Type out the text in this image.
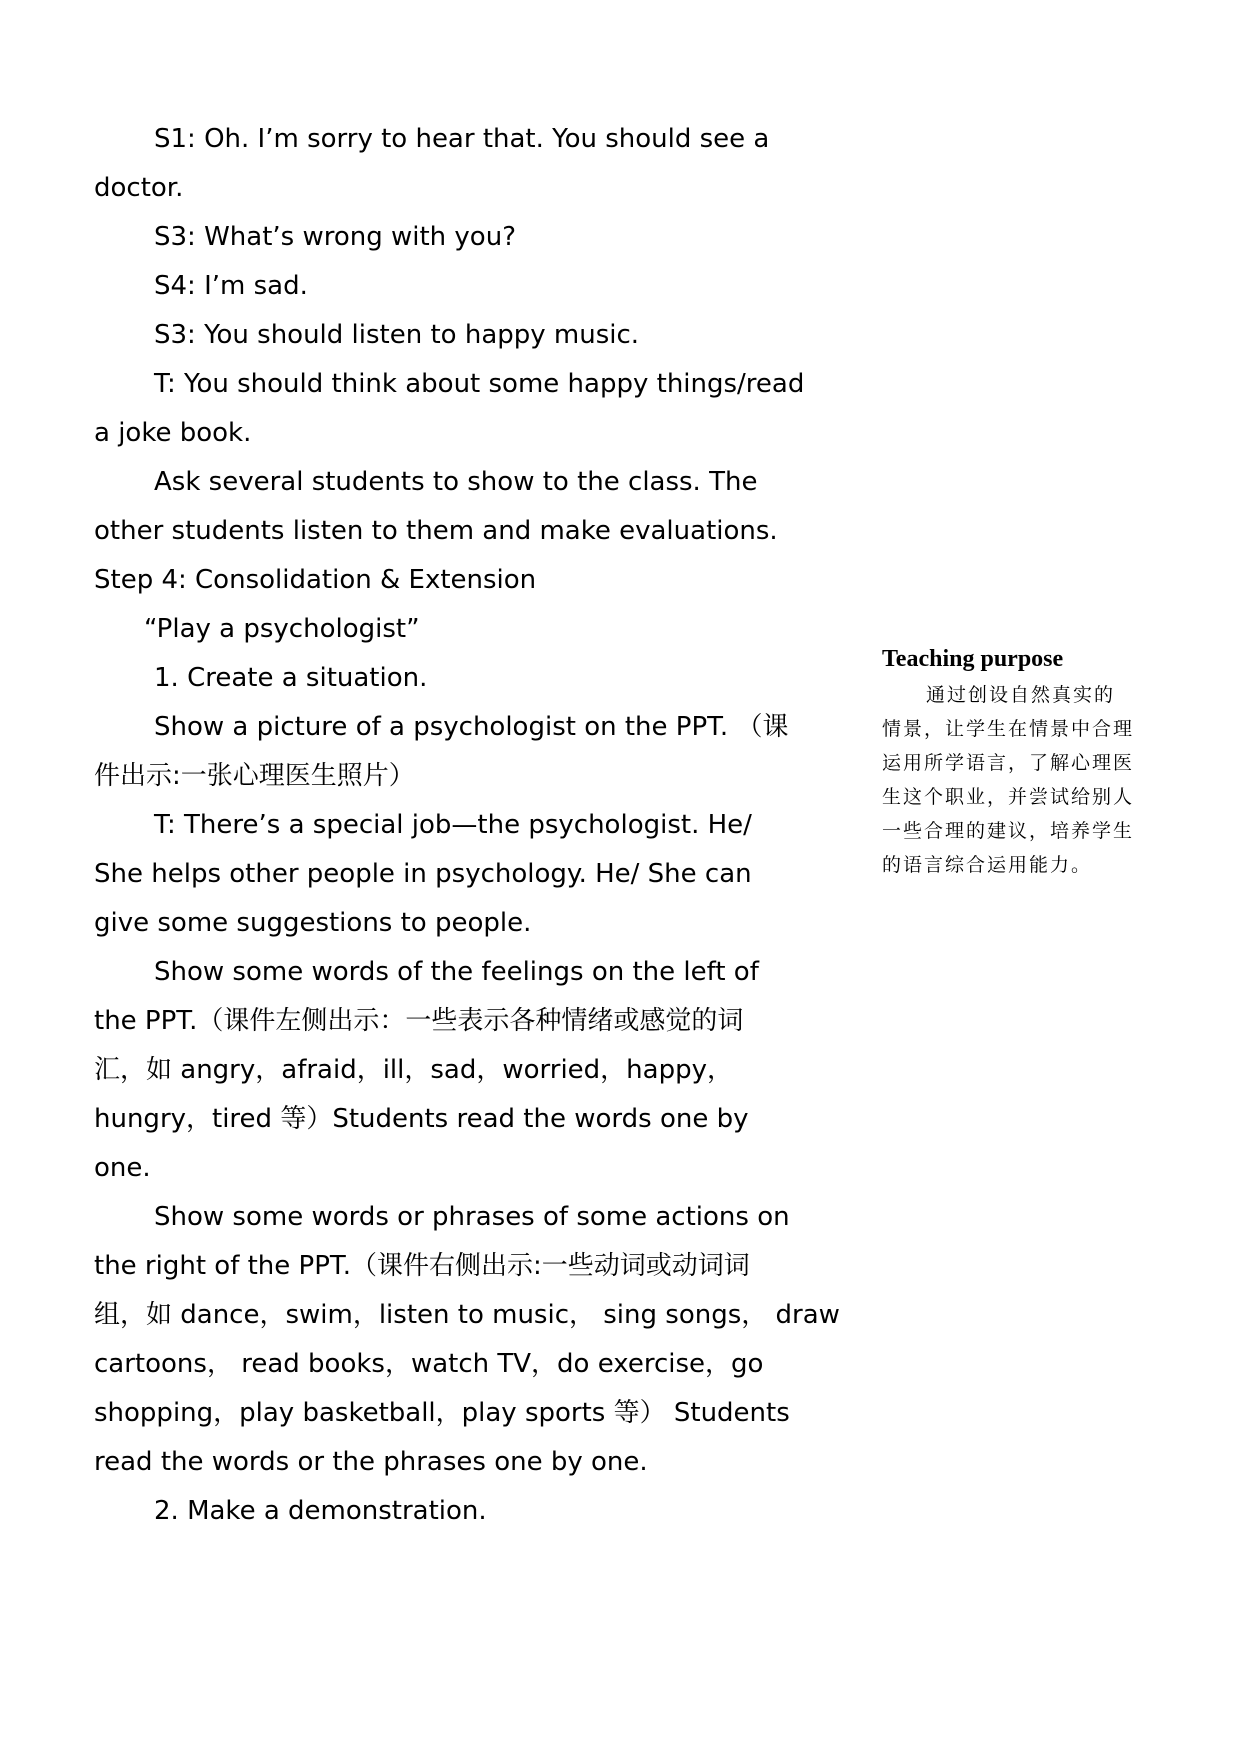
S1: Oh. I’m sorry to hear that. You should see a

doctor.

S3: What’s wrong with you?

S4: I’m sad.

S3: You should listen to happy music.

T: You should think about some happy things/read

a joke book.

Ask several students to show to the class. The

other students listen to them and make evaluations.

Step 4: Consolidation & Extension

“Play a psychologist”

1. Create a situation.

Show a picture of a psychologist on the PPT. （课

件出示:一张心理医生照片）

T: There’s a special job—the psychologist. He/

She helps other people in psychology. He/ She can

give some suggestions to people.

Show some words of the feelings on the left of

the PPT.（课件左侧出示：一些表示各种情绪或感觉的词

汇，如 angry，afraid，ill，sad，worried，happy，

hungry，tired 等）Students read the words one by

one.

Show some words or phrases of some actions on

the right of the PPT.（课件右侧出示:一些动词或动词词

组，如 dance，swim，listen to music， sing songs， draw

cartoons， read books，watch TV，do exercise，go

shopping，play basketball，play sports 等） Students

read the words or the phrases one by one.

2. Make a demonstration.

Teaching purpose
通过创设自然真实的
情景，让学生在情景中合理
运用所学语言，了解心理医
生这个职业，并尝试给别人
一些合理的建议，培养学生
的语言综合运用能力。
